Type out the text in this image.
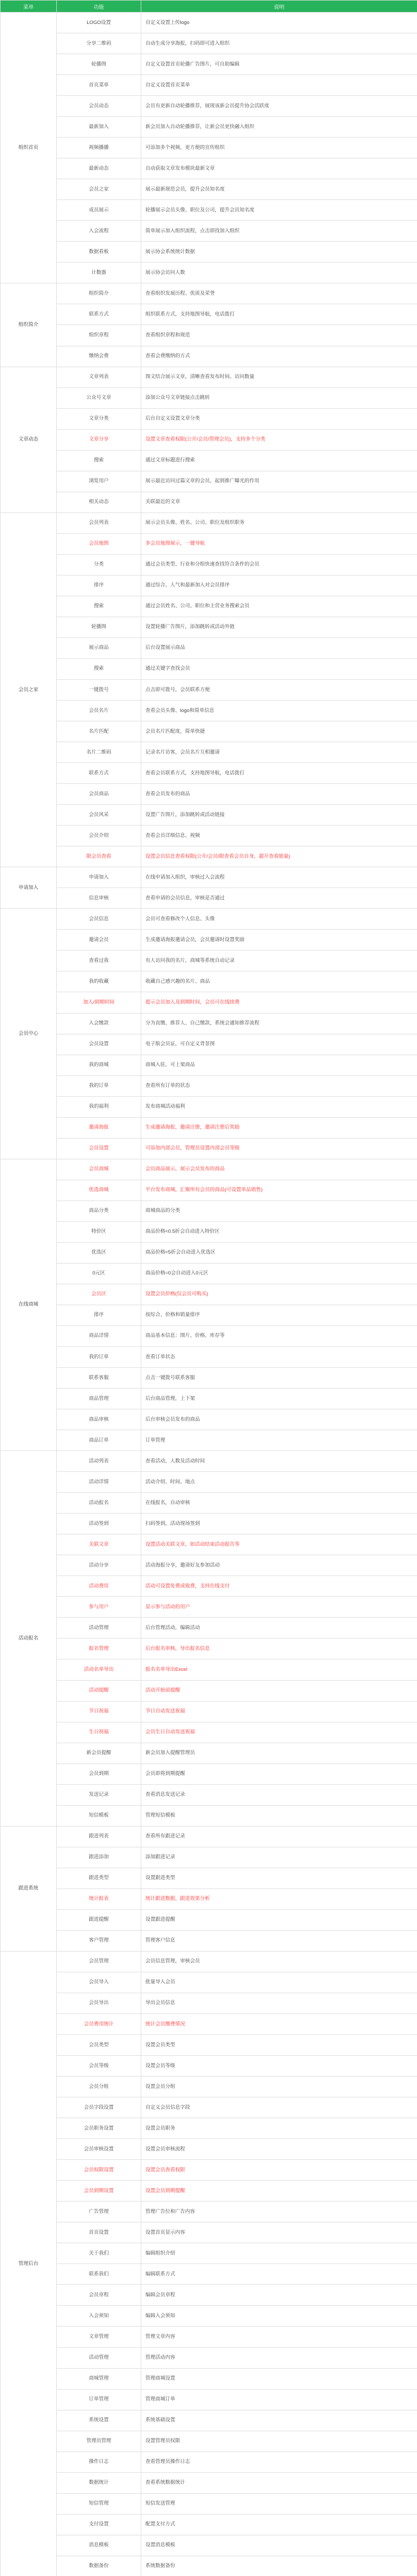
菜单	功能	说明
组织首页	LOGO设置	自定义设置上传logo
	分享二维码	自动生成分享海报，扫码即可进入组织
	轮播图	自定义设置首页轮播广告图片，可自助编辑
	首页菜单	自定义设置首页菜单
	会员动态	会员有更新自动轮播推荐，展现该新会员提升协会活跃度
	最新加入	新会员加入自动轮播推荐，让新会员更快融入组织
	视频播播	可添加多个视频，更方便的宣传组织
	最新动态	自动获取文章发布模块最新文章
	会员之家	展示最新规范会员，提升会员知名度
	成员展示	轮播展示会员头像、职位及公司，提升会员知名度
	入会流程	简单展示加入组织流程，点击即找加入组织
	数据看板	展示协会系统统计数据
	计数器	展示协会访问人数
组织简介	组织简介	查看组织发展历程、优质及荣誉
	联系方式	组织联系方式，支持地图导航，电话拨打
	组织章程	查看组织章程和规范
	缴纳会费	查看会费缴纳的方式
文章动态	文章列表	图文结合展示文章，清晰查看发布时间、访问数量
	公众号文章	添加公众号文章链接点击跳转
	文章分类	后台自定义设置文章分类
	文章分享	设置文章查看权限(公开/会员/管理会员)，支持多个分类
	搜索	通过文章标题进行搜索
	浏览用户	展示最近访问过篇文章的会员，起到推广曝光的作用
	相关动态	关联最近的文章
会员之家	会员列表	展示会员头像、姓名、公司、职位及组织职务
	会员地图	多会员地图展示，一键导航
	分类	通过会员类型、行业和分组快速查找符合条件的会员
	排序	通过综合、人气和最新加入对会员排序
	搜索	通过会员姓名、公司、职位和主营业务搜索会员
	轮播图	设置轮播广告图片，添加跳转或活动外链
	展示商品	后台设置展示商品
	搜索	通过关键字查找会员
	一键拨号	点击即可拨号，会员联系方便
	会员名片	查看会员头像、logo和简单信息
	名片匹配	会员名片匹配度，简单快捷
	名片二维码	记录名片访客，会员名片互相邀请
	联系方式	查看会员联系方式，支持地图导航，电话拨打
	会员商品	查看会员发布的商品
	会员风采	设置广告图片，添加跳转或活动链接
	会员介绍	查看会员详细信息、视频
	限会员查看	设置会员信息查看权限(公开/会员/限查看会员自身，超开查看能量)
申请加入	申请加入	在线申请加入组织，审核过入会流程
	信息审核	查看申请的会员信息，审核是否通过
会员中心	会员信息	会员可查看修改个人信息、头像
	邀请会员	生成邀请海报邀请会员，会员邀请时设置奖励
	查看过我	有人访问我的名片，商城等系统自动记录
	我的收藏	收藏自己感兴趣的名片、商品
	加入/到期时间	提示会员加入及到期时间，会员可在线续费
	入会缴款	分为直缴、推荐人、自己缴款，系统会通知推荐流程
	会员设置	电子版会员证，可自定义背景图
	我的商城	商城入驻，可上架商品
	我的订单	查看所有订单的状态
	我的福利	发布商城活动福利
	邀请海报	生成邀请海报，邀请注册，邀请注册后奖励
	会员设置	可添加内部会员，管理员设置内部会员等级
在线商城	会员商城	会员商品展示，展示会员发布的商品
	优选商城	平台发布商城，汇聚所有会员的商品(可设置单品销售)
	商品分类	商城商品的分类
	特价区	商品价格<0.5折会自动进入特价区
	优选区	商品价格<5折会自动进入优选区
	0元区	商品价格=0会自动进入0元区
	会员区	设置会员价格(仅会员可购买)
	排序	按综合、价格和销量排序
	商品详情	商品基本信息：图片、价格、库存等
	我的订单	查看订单状态
	联系客服	点击一键拨号联系客服
	商品管理	后台商品管理，上下架
	商品审核	后台审核会员发布的商品
	商品订单	订单管理
活动报名	活动列表	查看活动，人数及活动时间
	活动详情	活动介绍、时间、地点
	活动报名	在线报名，自动审核
	活动签到	扫码签到，活动现场签到
	关联文章	设置活动关联文章，如活动结束活动报告等
	活动分享	活动海报分享，邀请好友参加活动
	活动费用	活动可设置免费或收费，支持在线支付
	参与用户	显示参与活动的用户
	活动管理	后台管理活动，编辑活动
	报名管理	后台报名审核，导出报名信息
	活动名单导出	报名名单导出Excel
	活动提醒	活动开始前提醒
	节日祝福	节日自动发送祝福
	生日祝福	会员生日自动发送祝福
	新会员提醒	新会员加入提醒管理员
	会员到期	会员即将到期提醒
	发送记录	查看消息发送记录
	短信模板	管理短信模板
跟进系统	跟进列表	查看所有跟进记录
	跟进添加	添加跟进记录
	跟进类型	设置跟进类型
	统计报表	统计跟进数据，跟进效果分析
	跟进提醒	设置跟进提醒
	客户管理	管理客户信息
管理后台	会员管理	会员信息管理，审核会员
	会员导入	批量导入会员
	会员导出	导出会员信息
	会员费用统计	统计会员缴费情况
	会员类型	设置会员类型
	会员等级	设置会员等级
	会员分组	设置会员分组
	会员字段设置	自定义会员信息字段
	会员职务设置	设置会员职务
	会员审核设置	设置会员审核流程
	会员权限设置	设置会员查看权限
	会员到期设置	设置会员到期提醒
	广告管理	管理广告位和广告内容
	首页设置	设置首页显示内容
	关于我们	编辑组织介绍
	联系我们	编辑联系方式
	会员章程	编辑会员章程
	入会须知	编辑入会须知
	文章管理	管理文章内容
	活动管理	管理活动内容
	商城管理	管理商城设置
	订单管理	管理商城订单
	系统设置	系统基础设置
	管理员管理	设置管理员权限
	操作日志	查看管理员操作日志
	数据统计	查看系统数据统计
	短信管理	短信发送管理
	支付设置	配置支付方式
	消息模板	设置消息模板
	数据备份	系统数据备份
